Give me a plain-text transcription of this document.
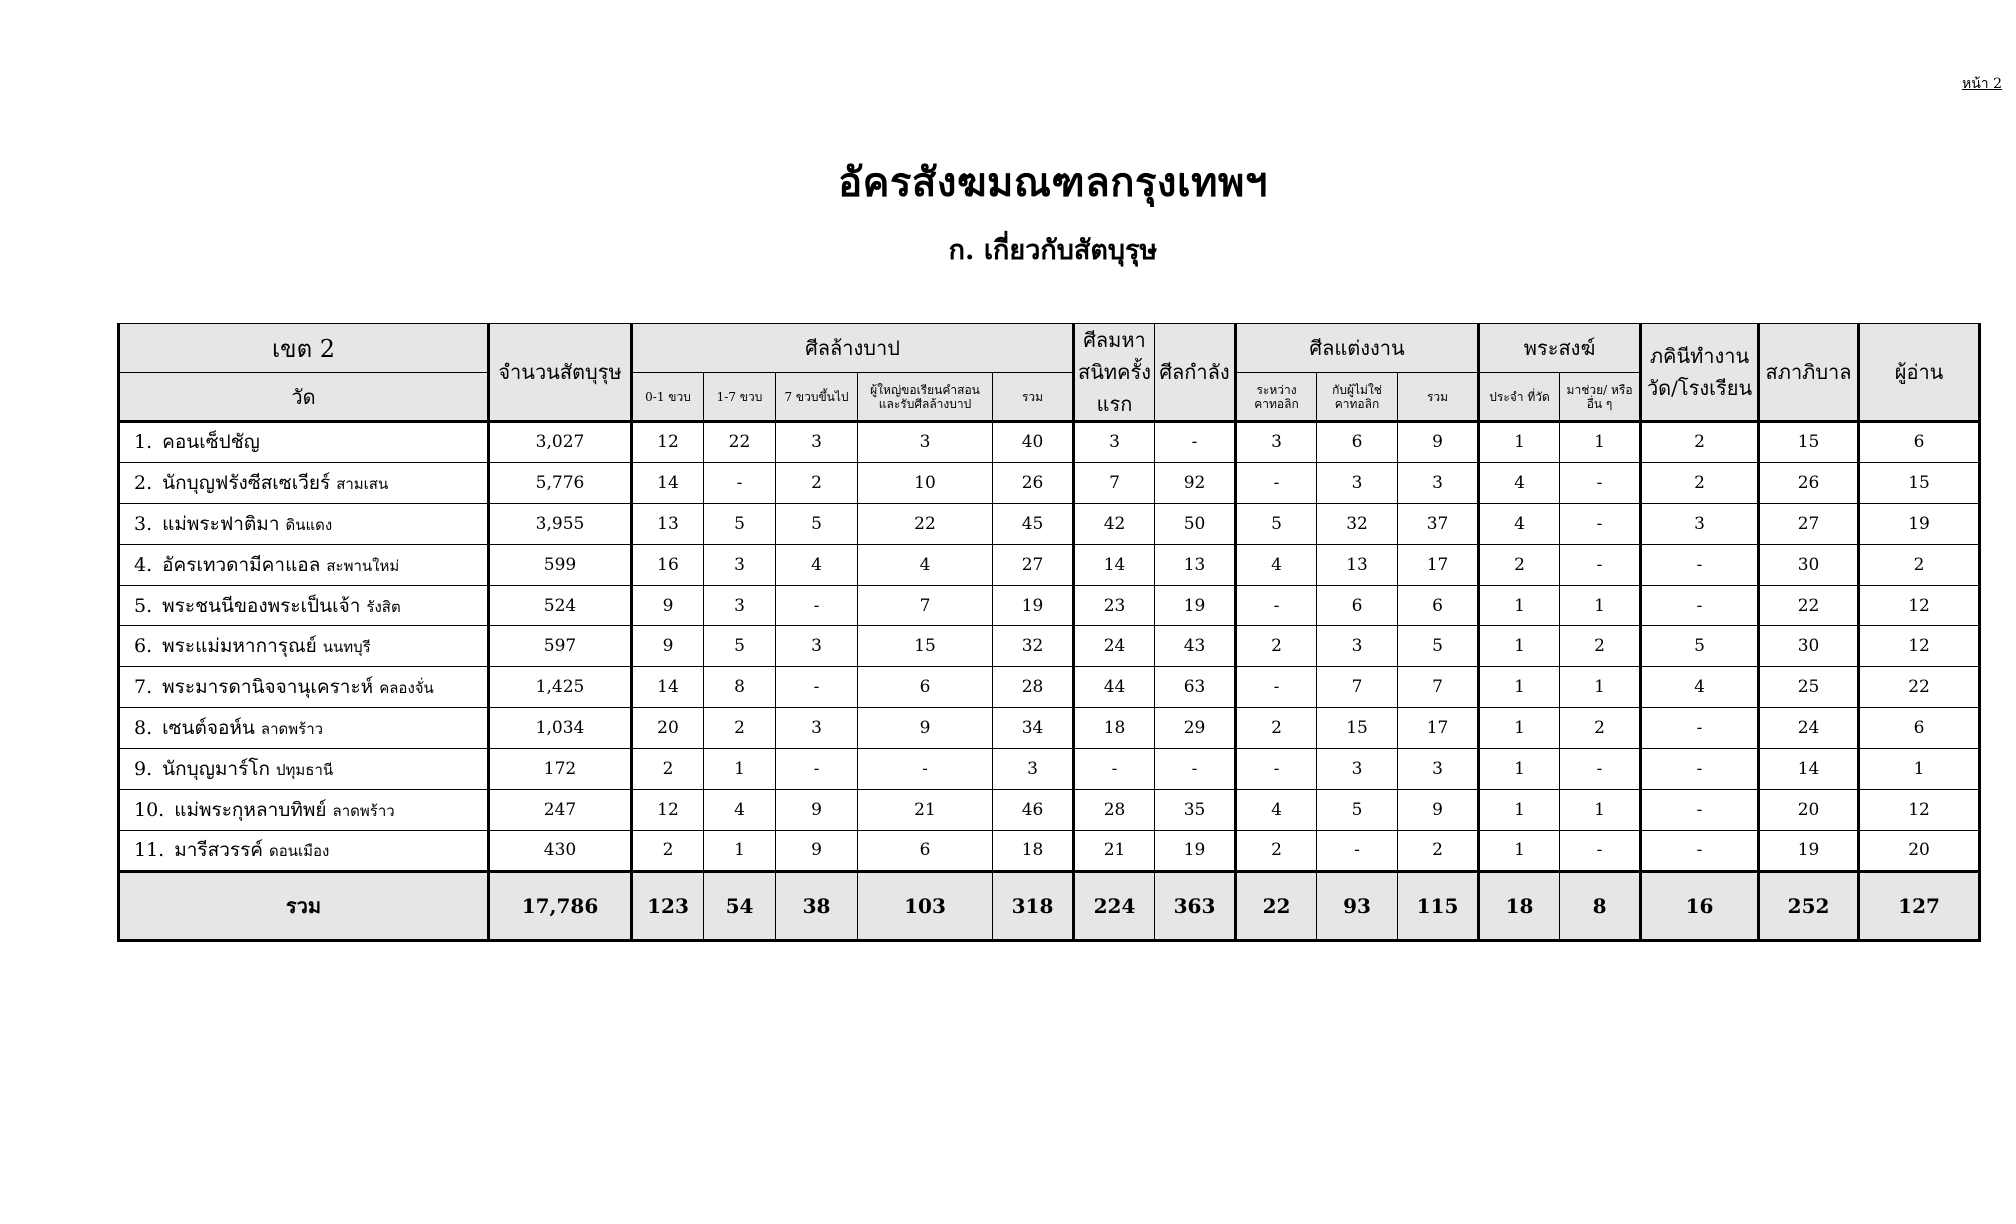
หน้า 2
อัครสังฆมณฑลกรุงเทพฯ
ก. เกี่ยวกับสัตบุรุษ
เขต 2	จำนวนสัตบุรุษ	ศีลล้างบาป					ศีลมหาสนิทครั้งแรก	ศีลกำลัง	ศีลแต่งงาน			พระสงฆ์		ภคินีทำงาน วัด/โรงเรียน	สภาภิบาล	ผู้อ่าน
วัด		0-1 ขวบ	1-7 ขวบ	7 ขวบขึ้นไป	ผู้ใหญ่ขอเรียนคำสอน และรับศีลล้างบาป	รวม			ระหว่าง คาทอลิก	กับผู้ไม่ใช่ คาทอลิก	รวม	ประจำ ที่วัด	มาช่วย/ หรืออื่น ๆ			
1. คอนเซ็ปชัญ	3,027	12	22	3	3	40	3	-	3	6	9	1	1	2	15	6
2. นักบุญฟรังซีสเซเวียร์ สามเสน	5,776	14	-	2	10	26	7	92	-	3	3	4	-	2	26	15
3. แม่พระฟาติมา ดินแดง	3,955	13	5	5	22	45	42	50	5	32	37	4	-	3	27	19
4. อัครเทวดามีคาแอล สะพานใหม่	599	16	3	4	4	27	14	13	4	13	17	2	-	-	30	2
5. พระชนนีของพระเป็นเจ้า รังสิต	524	9	3	-	7	19	23	19	-	6	6	1	1	-	22	12
6. พระแม่มหาการุณย์ นนทบุรี	597	9	5	3	15	32	24	43	2	3	5	1	2	5	30	12
7. พระมารดานิจจานุเคราะห์ คลองจั่น	1,425	14	8	-	6	28	44	63	-	7	7	1	1	4	25	22
8. เซนต์จอห์น ลาดพร้าว	1,034	20	2	3	9	34	18	29	2	15	17	1	2	-	24	6
9. นักบุญมาร์โก ปทุมธานี	172	2	1	-	-	3	-	-	-	3	3	1	-	-	14	1
10. แม่พระกุหลาบทิพย์ ลาดพร้าว	247	12	4	9	21	46	28	35	4	5	9	1	1	-	20	12
11. มารีสวรรค์ ดอนเมือง	430	2	1	9	6	18	21	19	2	-	2	1	-	-	19	20
รวม	17,786	123	54	38	103	318	224	363	22	93	115	18	8	16	252	127
